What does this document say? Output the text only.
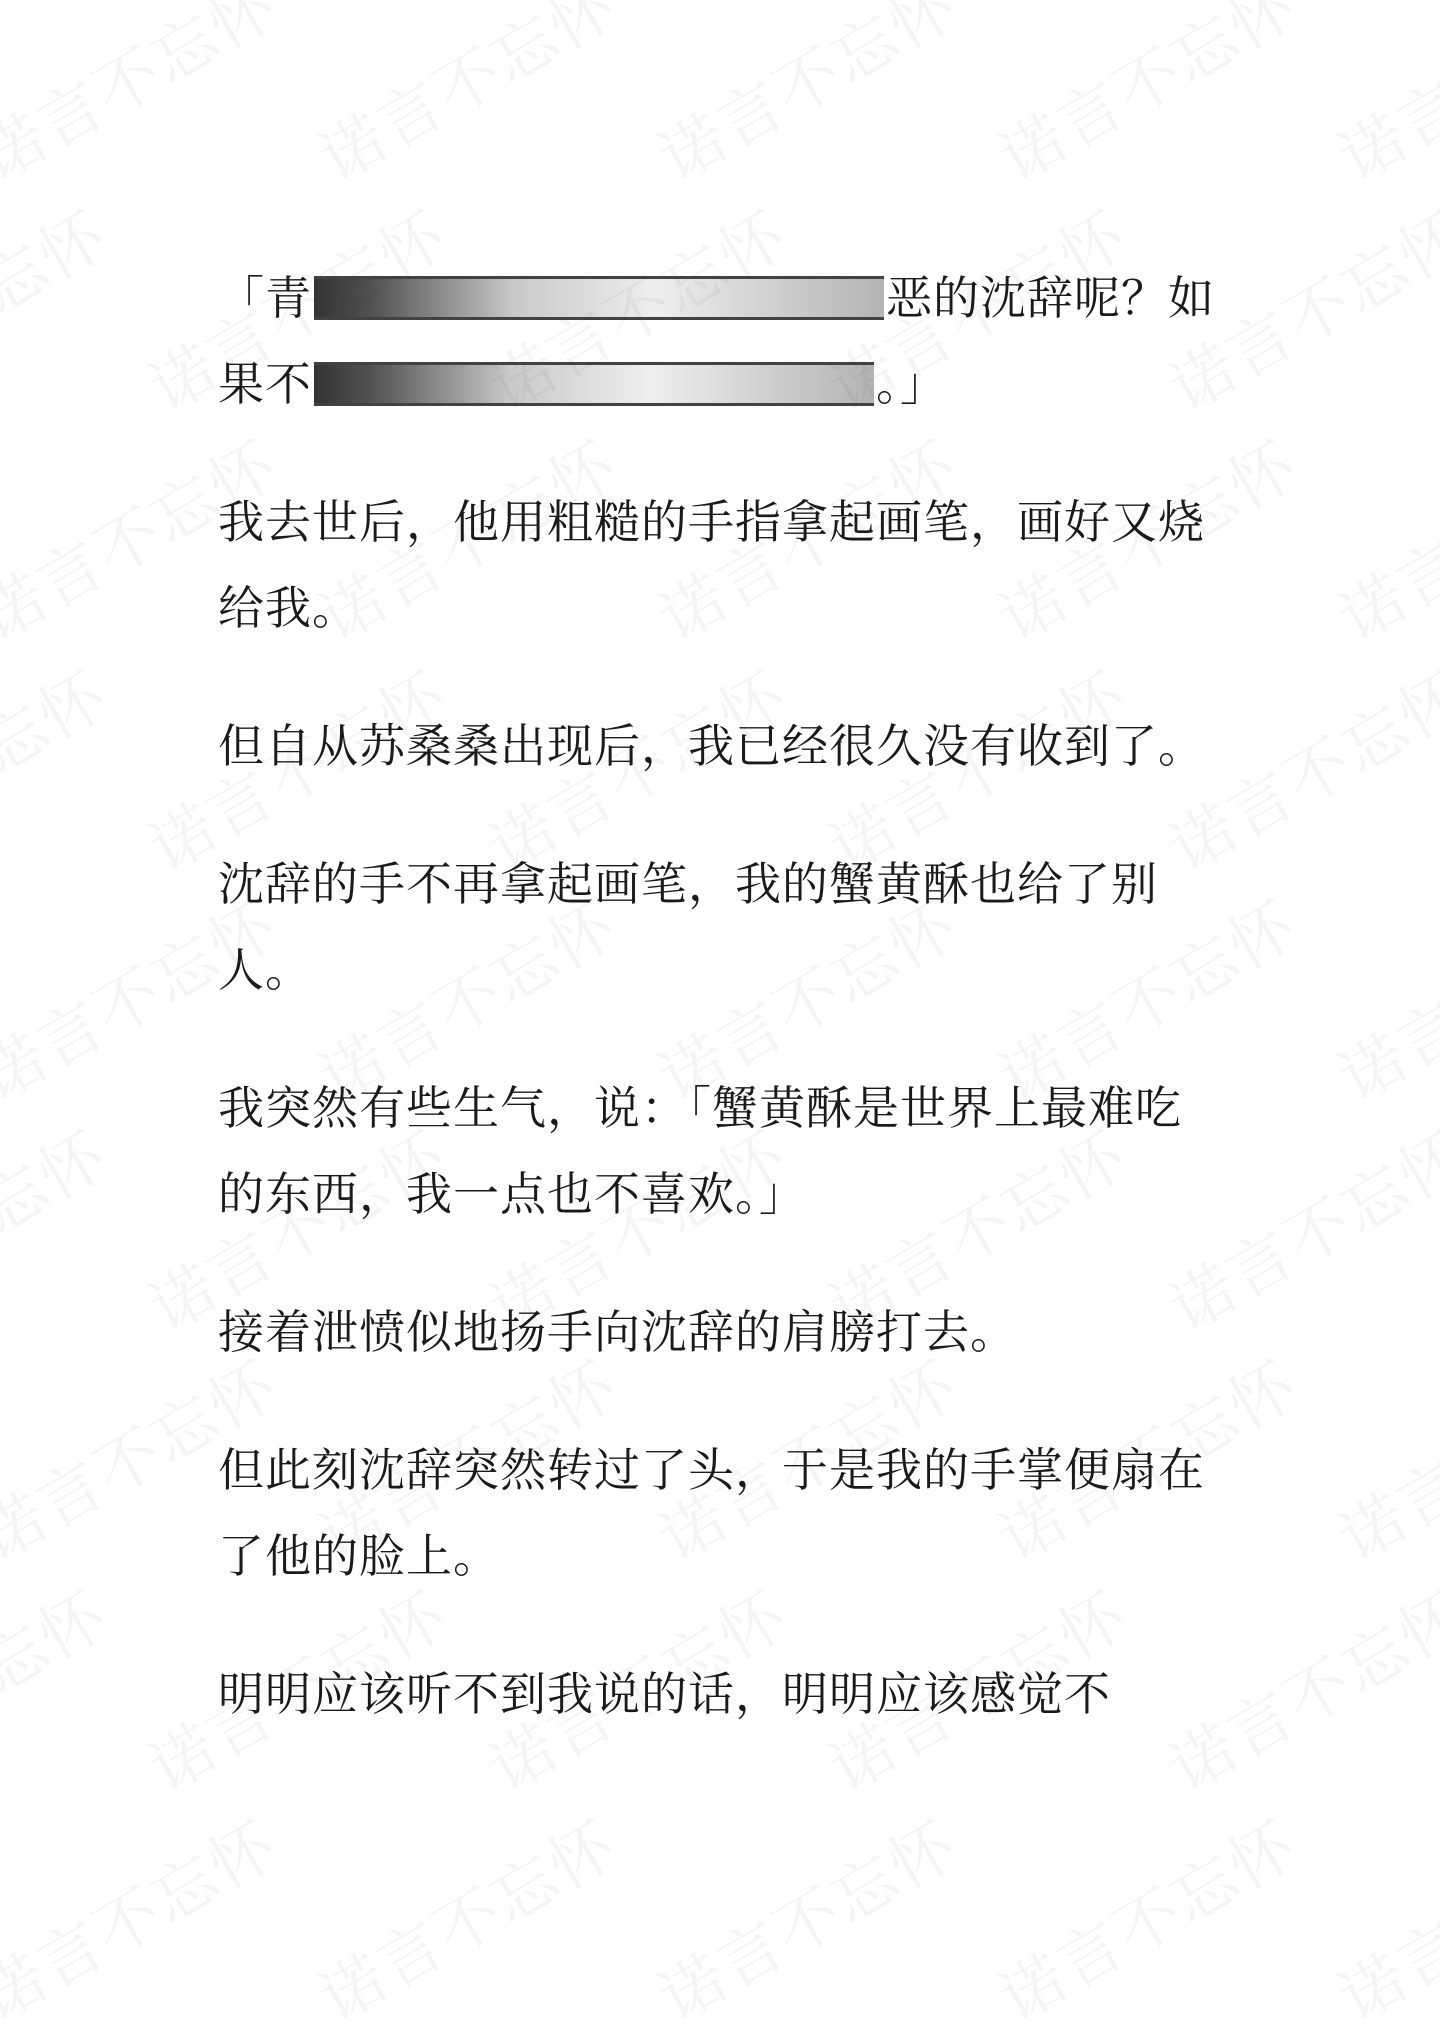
「青	恶的沈辞呢？如果不	。」

我去世后，他用粗糙的手指拿起画笔，画好又烧给我。

但自从苏桑桑出现后，我已经很久没有收到了。

沈辞的手不再拿起画笔，我的蟹黄酥也给了别人。

我突然有些生气，说：「蟹黄酥是世界上最难吃的东西，我一点也不喜欢。」

接着泄愤似地扬手向沈辞的肩膀打去。

但此刻沈辞突然转过了头，于是我的手掌便扇在了他的脸上。

明明应该听不到我说的话，明明应该感觉不
